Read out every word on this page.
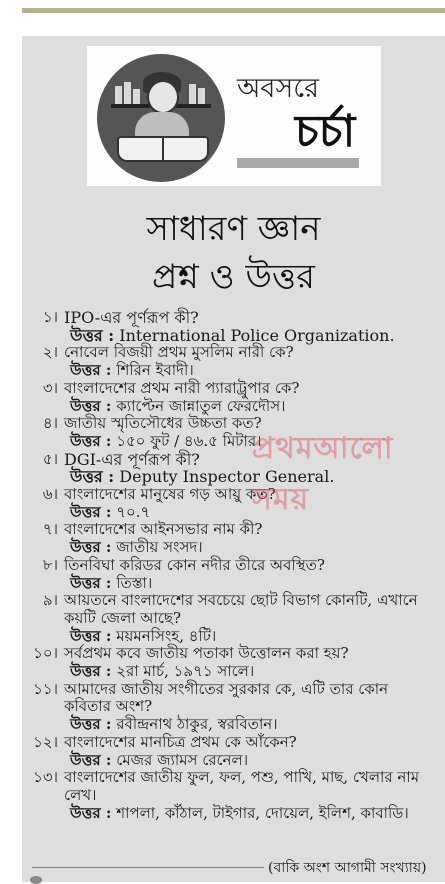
অবসরে
চর্চা
সাধারণ জ্ঞান
প্রশ্ন ও উত্তর
১। IPO-এর পূর্ণরূপ কী?
উত্তর : International Police Organization.
২। নোবেল বিজয়ী প্রথম মুসলিম নারী কে?
উত্তর : শিরিন ইবাদী।
৩। বাংলাদেশের প্রথম নারী প্যারাট্রুপার কে?
উত্তর : ক্যাপ্টেন জান্নাতুল ফেরদৌস।
৪। জাতীয় স্মৃতিসৌধের উচ্চতা কত?
উত্তর : ১৫০ ফুট / ৪৬.৫ মিটার।
৫। DGI-এর পূর্ণরূপ কী?
উত্তর : Deputy Inspector General.
৬। বাংলাদেশের মানুষের গড় আয়ু কত?
উত্তর : ৭০.৭
৭। বাংলাদেশের আইনসভার নাম কী?
উত্তর : জাতীয় সংসদ।
৮। তিনবিঘা করিডর কোন নদীর তীরে অবস্থিত?
উত্তর : তিস্তা।
৯। আয়তনে বাংলাদেশের সবচেয়ে ছোট বিভাগ কোনটি, এখানে কয়টি জেলা আছে?
উত্তর : ময়মনসিংহ, ৪টি।
১০। সর্বপ্রথম কবে জাতীয় পতাকা উত্তোলন করা হয়?
উত্তর : ২রা মার্চ, ১৯৭১ সালে।
১১। আমাদের জাতীয় সংগীতের সুরকার কে, এটি তার কোন কবিতার অংশ?
উত্তর : রবীন্দ্রনাথ ঠাকুর, স্বরবিতান।
১২। বাংলাদেশের মানচিত্র প্রথম কে আঁকেন?
উত্তর : মেজর জ্যামস রেনেল।
১৩। বাংলাদেশের জাতীয় ফুল, ফল, পশু, পাখি, মাছ, খেলার নাম লেখ।
উত্তর : শাপলা, কাঁঠাল, টাইগার, দোয়েল, ইলিশ, কাবাডি।
প্রথমআলো সময়
(বাকি অংশ আগামী সংখ্যায়)
